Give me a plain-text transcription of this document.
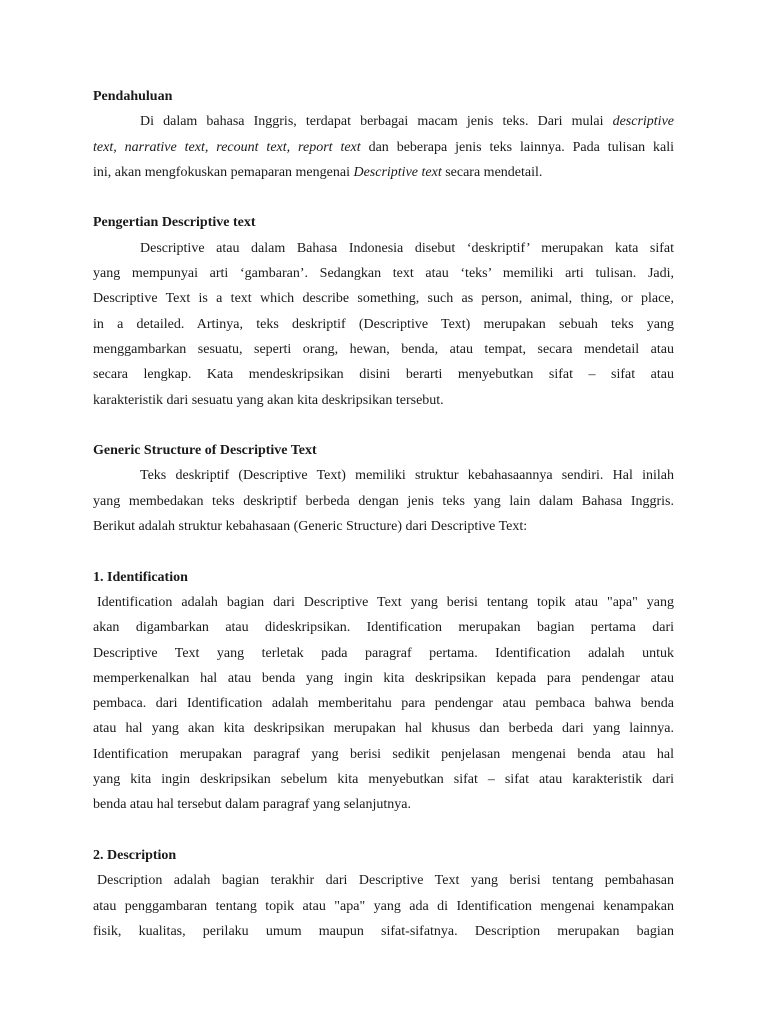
Pendahuluan
Di dalam bahasa Inggris, terdapat berbagai macam jenis teks. Dari mulai descriptive
text, narrative text, recount text, report text dan beberapa jenis teks lainnya. Pada tulisan kali
ini, akan mengfokuskan pemaparan mengenai Descriptive text secara mendetail.
Pengertian Descriptive text
Descriptive atau dalam Bahasa Indonesia disebut ‘deskriptif’ merupakan kata sifat
yang mempunyai arti ‘gambaran’. Sedangkan text atau ‘teks’ memiliki arti tulisan. Jadi,
Descriptive Text is a text which describe something, such as person, animal, thing, or place,
in a detailed. Artinya, teks deskriptif (Descriptive Text) merupakan sebuah teks yang
menggambarkan sesuatu, seperti orang, hewan, benda, atau tempat, secara mendetail atau
secara lengkap. Kata mendeskripsikan disini berarti menyebutkan sifat – sifat atau
karakteristik dari sesuatu yang akan kita deskripsikan tersebut.
Generic Structure of Descriptive Text
Teks deskriptif (Descriptive Text) memiliki struktur kebahasaannya sendiri. Hal inilah
yang membedakan teks deskriptif berbeda dengan jenis teks yang lain dalam Bahasa Inggris.
Berikut adalah struktur kebahasaan (Generic Structure) dari Descriptive Text:
1. Identification
Identification adalah bagian dari Descriptive Text yang berisi tentang topik atau "apa" yang
akan digambarkan atau dideskripsikan. Identification merupakan bagian pertama dari
Descriptive Text yang terletak pada paragraf pertama. Identification adalah untuk
memperkenalkan hal atau benda yang ingin kita deskripsikan kepada para pendengar atau
pembaca. dari Identification adalah memberitahu para pendengar atau pembaca bahwa benda
atau hal yang akan kita deskripsikan merupakan hal khusus dan berbeda dari yang lainnya.
Identification merupakan paragraf yang berisi sedikit penjelasan mengenai benda atau hal
yang kita ingin deskripsikan sebelum kita menyebutkan sifat – sifat atau karakteristik dari
benda atau hal tersebut dalam paragraf yang selanjutnya.
2. Description
Description adalah bagian terakhir dari Descriptive Text yang berisi tentang pembahasan
atau penggambaran tentang topik atau "apa" yang ada di Identification mengenai kenampakan
fisik, kualitas, perilaku umum maupun sifat-sifatnya. Description merupakan bagian
